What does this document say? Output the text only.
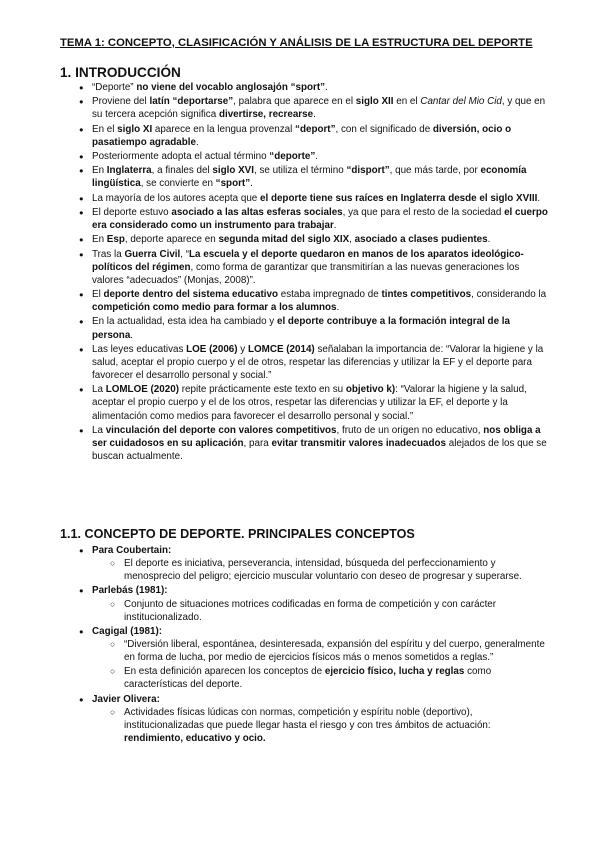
TEMA 1: CONCEPTO, CLASIFICACIÓN Y ANÁLISIS DE LA ESTRUCTURA DEL DEPORTE
1. INTRODUCCIÓN
● “Deporte” no viene del vocablo anglosajón “sport”.
● Proviene del latín “deportarse”, palabra que aparece en el siglo XII en el Cantar del Mio Cid, y que en su tercera acepción significa divertirse, recrearse.
● En el siglo XI aparece en la lengua provenzal “deport”, con el significado de diversión, ocio o pasatiempo agradable.
● Posteriormente adopta el actual término “deporte”.
● En Inglaterra, a finales del siglo XVI, se utiliza el término “disport”, que más tarde, por economía lingüística, se convierte en “sport”.
● La mayoría de los autores acepta que el deporte tiene sus raíces en Inglaterra desde el siglo XVIII.
● El deporte estuvo asociado a las altas esferas sociales, ya que para el resto de la sociedad el cuerpo era considerado como un instrumento para trabajar.
● En Esp, deporte aparece en segunda mitad del siglo XIX, asociado a clases pudientes.
● Tras la Guerra Civil, “La escuela y el deporte quedaron en manos de los aparatos ideológico-políticos del régimen, como forma de garantizar que transmitirían a las nuevas generaciones los valores “adecuados” (Monjas, 2008)”.
● El deporte dentro del sistema educativo estaba impregnado de tintes competitivos, considerando la competición como medio para formar a los alumnos.
● En la actualidad, esta idea ha cambiado y el deporte contribuye a la formación integral de la persona.
● Las leyes educativas LOE (2006) y LOMCE (2014) señalaban la importancia de: “Valorar la higiene y la salud, aceptar el propio cuerpo y el de otros, respetar las diferencias y utilizar la EF y el deporte para favorecer el desarrollo personal y social.”
● La LOMLOE (2020) repite prácticamente este texto en su objetivo k): “Valorar la higiene y la salud, aceptar el propio cuerpo y el de los otros, respetar las diferencias y utilizar la EF, el deporte y la alimentación como medios para favorecer el desarrollo personal y social.”
● La vinculación del deporte con valores competitivos, fruto de un origen no educativo, nos obliga a ser cuidadosos en su aplicación, para evitar transmitir valores inadecuados alejados de los que se buscan actualmente.
1.1. CONCEPTO DE DEPORTE. PRINCIPALES CONCEPTOS
● Para Coubertain:
○ El deporte es iniciativa, perseverancia, intensidad, búsqueda del perfeccionamiento y menosprecio del peligro; ejercicio muscular voluntario con deseo de progresar y superarse.
● Parlebás (1981):
○ Conjunto de situaciones motrices codificadas en forma de competición y con carácter institucionalizado.
● Cagigal (1981):
○ “Diversión liberal, espontánea, desinteresada, expansión del espíritu y del cuerpo, generalmente en forma de lucha, por medio de ejercicios físicos más o menos sometidos a reglas.”
○ En esta definición aparecen los conceptos de ejercicio físico, lucha y reglas como características del deporte.
● Javier Olivera:
○ Actividades físicas lúdicas con normas, competición y espíritu noble (deportivo), institucionalizadas que puede llegar hasta el riesgo y con tres ámbitos de actuación: rendimiento, educativo y ocio.
